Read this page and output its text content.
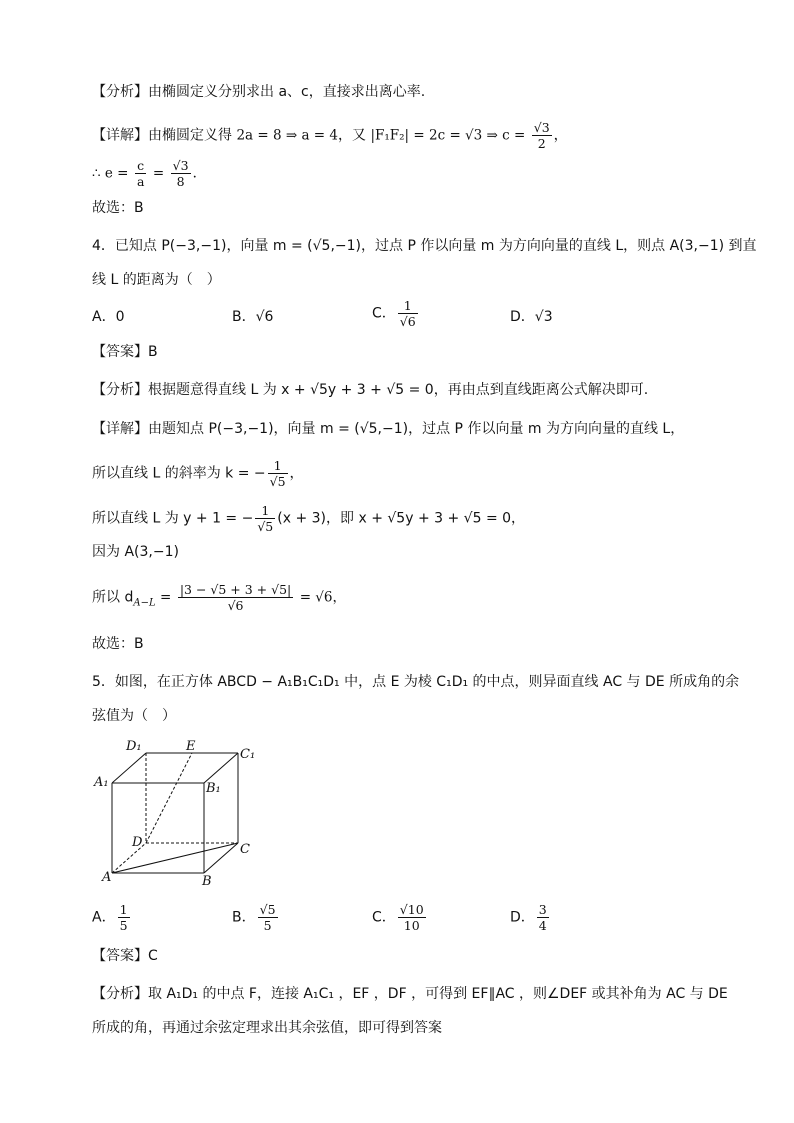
【分析】由椭圆定义分别求出 a、c，直接求出离心率.
【详解】由椭圆定义得 2a = 8 ⇒ a = 4，又 |F₁F₂| = 2c = √3 ⇒ $c = \frac{√3}{2}$ ，
∴ $e = \frac{c}{a} = \frac{√3}{8}$ .
故选：B
4．已知点 P(−3,−1)，向量 m = (√5,−1)，过点 P 作以向量 m 为方向向量的直线 L，则点 A(3,−1) 到直
线 L 的距离为（　）
A．0	B．√6	C． $\frac{1}{√6}$	D．√3
【答案】B
【分析】根据题意得直线 L 为 x + √5y + 3 + √5 = 0，再由点到直线距离公式解决即可.
【详解】由题知点 P(−3,−1)，向量 m = (√5,−1)，过点 P 作以向量 m 为方向向量的直线 L，
所以直线 L 的斜率为 k = − $\frac{1}{√5}$ ，
所以直线 L 为 y + 1 = − $\frac{1}{√5} (x + 3)$，即 x + √5y + 3 + √5 = 0，
因为 A(3,−1)
所以 $d_{A-L} = \frac{|3 - √5 + 3 + √5|}{√6} = √6$，
故选：B
5．如图，在正方体 ABCD − A₁B₁C₁D₁ 中，点 E 为棱 C₁D₁ 的中点，则异面直线 AC 与 DE 所成角的余
弦值为（　）
D₁	E
C₁
A₁	B₁
D	C
A	B
A． $\frac{1}{5}$	B． $\frac{√5}{5}$	C． $\frac{√10}{10}$	D． $\frac{3}{4}$
【答案】C
【分析】取 A₁D₁ 的中点 F，连接 A₁C₁ ，EF ，DF ，可得到 EF∥AC ，则∠DEF 或其补角为 AC 与 DE
所成的角，再通过余弦定理求出其余弦值，即可得到答案
